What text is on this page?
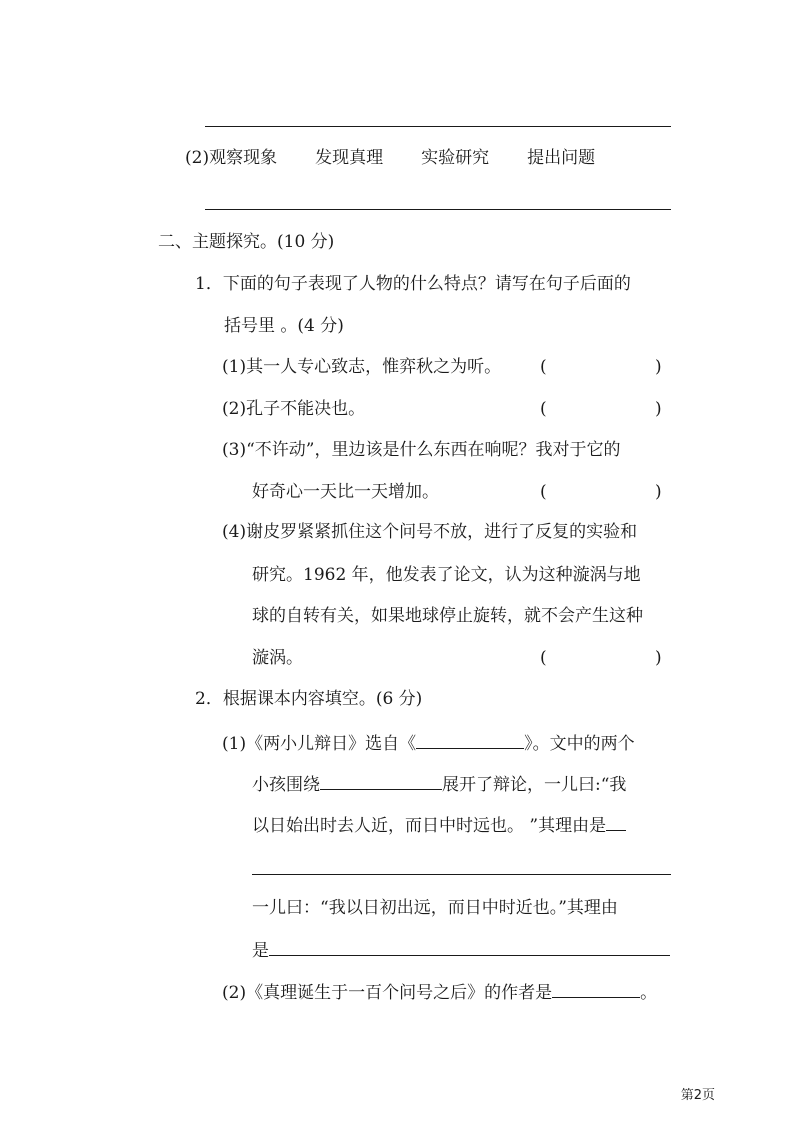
(2)观察现象 发现真理 实验研究 提出问题
二、主题探究。(10 分)
1．下面的句子表现了人物的什么特点？请写在句子后面的
括号里 。(4 分)
(1)其一人专心致志，惟弈秋之为听。 (	)
(2)孔子不能决也。	(	)
(3)“不许动”，里边该是什么东西在响呢？我对于它的
好奇心一天比一天增加。	(	)
(4)谢皮罗紧紧抓住这个问号不放，进行了反复的实验和
研究。1962 年，他发表了论文，认为这种漩涡与地
球的自转有关，如果地球停止旋转，就不会产生这种
漩涡。	(	)
2．根据课本内容填空。(6 分)
(1)《两小儿辩日》选自《	》。文中的两个
小孩围绕	展开了辩论，一儿曰:“我
以日始出时去人近，而日中时远也。 ”其理由是
一儿曰：“我以日初出远，而日中时近也。”其理由
是
(2)《真理诞生于一百个问号之后》的作者是	。
第2页
